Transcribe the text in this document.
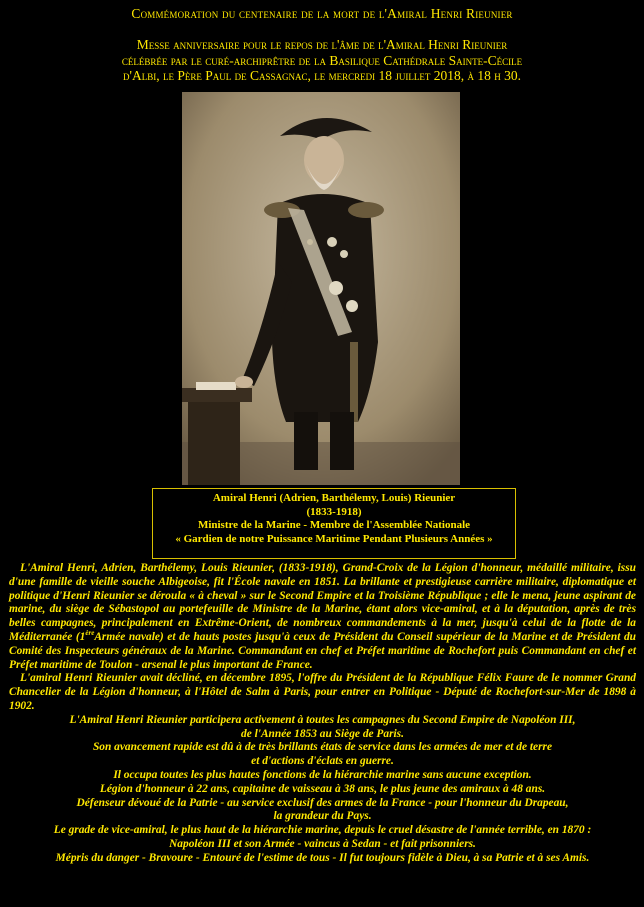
Commémoration du centenaire de la mort de l'Amiral Henri Rieunier
Messe anniversaire pour le repos de l'âme de l'Amiral Henri Rieunier
célébrée par le curé-archiprêtre de la Basilique Cathédrale Sainte-Cécile
d'Albi, le Père Paul de Cassagnac, le mercredi 18 juillet 2018, à 18 h 30.
Amiral Henri (Adrien, Barthélemy, Louis) Rieunier
(1833-1918)
Ministre de la Marine - Membre de l'Assemblée Nationale
« Gardien de notre Puissance Maritime Pendant Plusieurs Années »

L'Amiral Henri, Adrien, Barthélemy, Louis Rieunier, (1833-1918), Grand-Croix de la Légion d'honneur, médaillé militaire, issu d'une famille de vieille souche Albigeoise, fit l'École navale en 1851. La brillante et prestigieuse carrière militaire, diplomatique et politique d'Henri Rieunier se déroula « à cheval » sur le Second Empire et la Troisième République ; elle le mena, jeune aspirant de marine, du siège de Sébastopol au portefeuille de Ministre de la Marine, étant alors vice-amiral, et à la députation, après de très belles campagnes, principalement en Extrême-Orient, de nombreux commandements à la mer, jusqu'à celui de la flotte de la Méditerranée (1èreArmée navale) et de hauts postes jusqu'à ceux de Président du Conseil supérieur de la Marine et de Président du Comité des Inspecteurs généraux de la Marine. Commandant en chef et Préfet maritime de Rochefort puis Commandant en chef et Préfet maritime de Toulon - arsenal le plus important de France.

L'amiral Henri Rieunier avait décliné, en décembre 1895, l'offre du Président de la République Félix Faure de le nommer Grand Chancelier de la Légion d'honneur, à l'Hôtel de Salm à Paris, pour entrer en Politique - Député de Rochefort-sur-Mer de 1898 à 1902.

L'Amiral Henri Rieunier participera activement à toutes les campagnes du Second Empire de Napoléon III,

de l'Année 1853 au Siège de Paris.

Son avancement rapide est dû à de très brillants états de service dans les armées de mer et de terre

et d'actions d'éclats en guerre.

Il occupa toutes les plus hautes fonctions de la hiérarchie marine sans aucune exception.

Légion d'honneur à 22 ans, capitaine de vaisseau à 38 ans, le plus jeune des amiraux à 48 ans.

Défenseur dévoué de la Patrie - au service exclusif des armes de la France - pour l'honneur du Drapeau,

la grandeur du Pays.

Le grade de vice-amiral, le plus haut de la hiérarchie marine, depuis le cruel désastre de l'année terrible, en 1870 :

Napoléon III et son Armée - vaincus à Sedan - et fait prisonniers.

Mépris du danger - Bravoure - Entouré de l'estime de tous - Il fut toujours fidèle à Dieu, à sa Patrie et à ses Amis.
